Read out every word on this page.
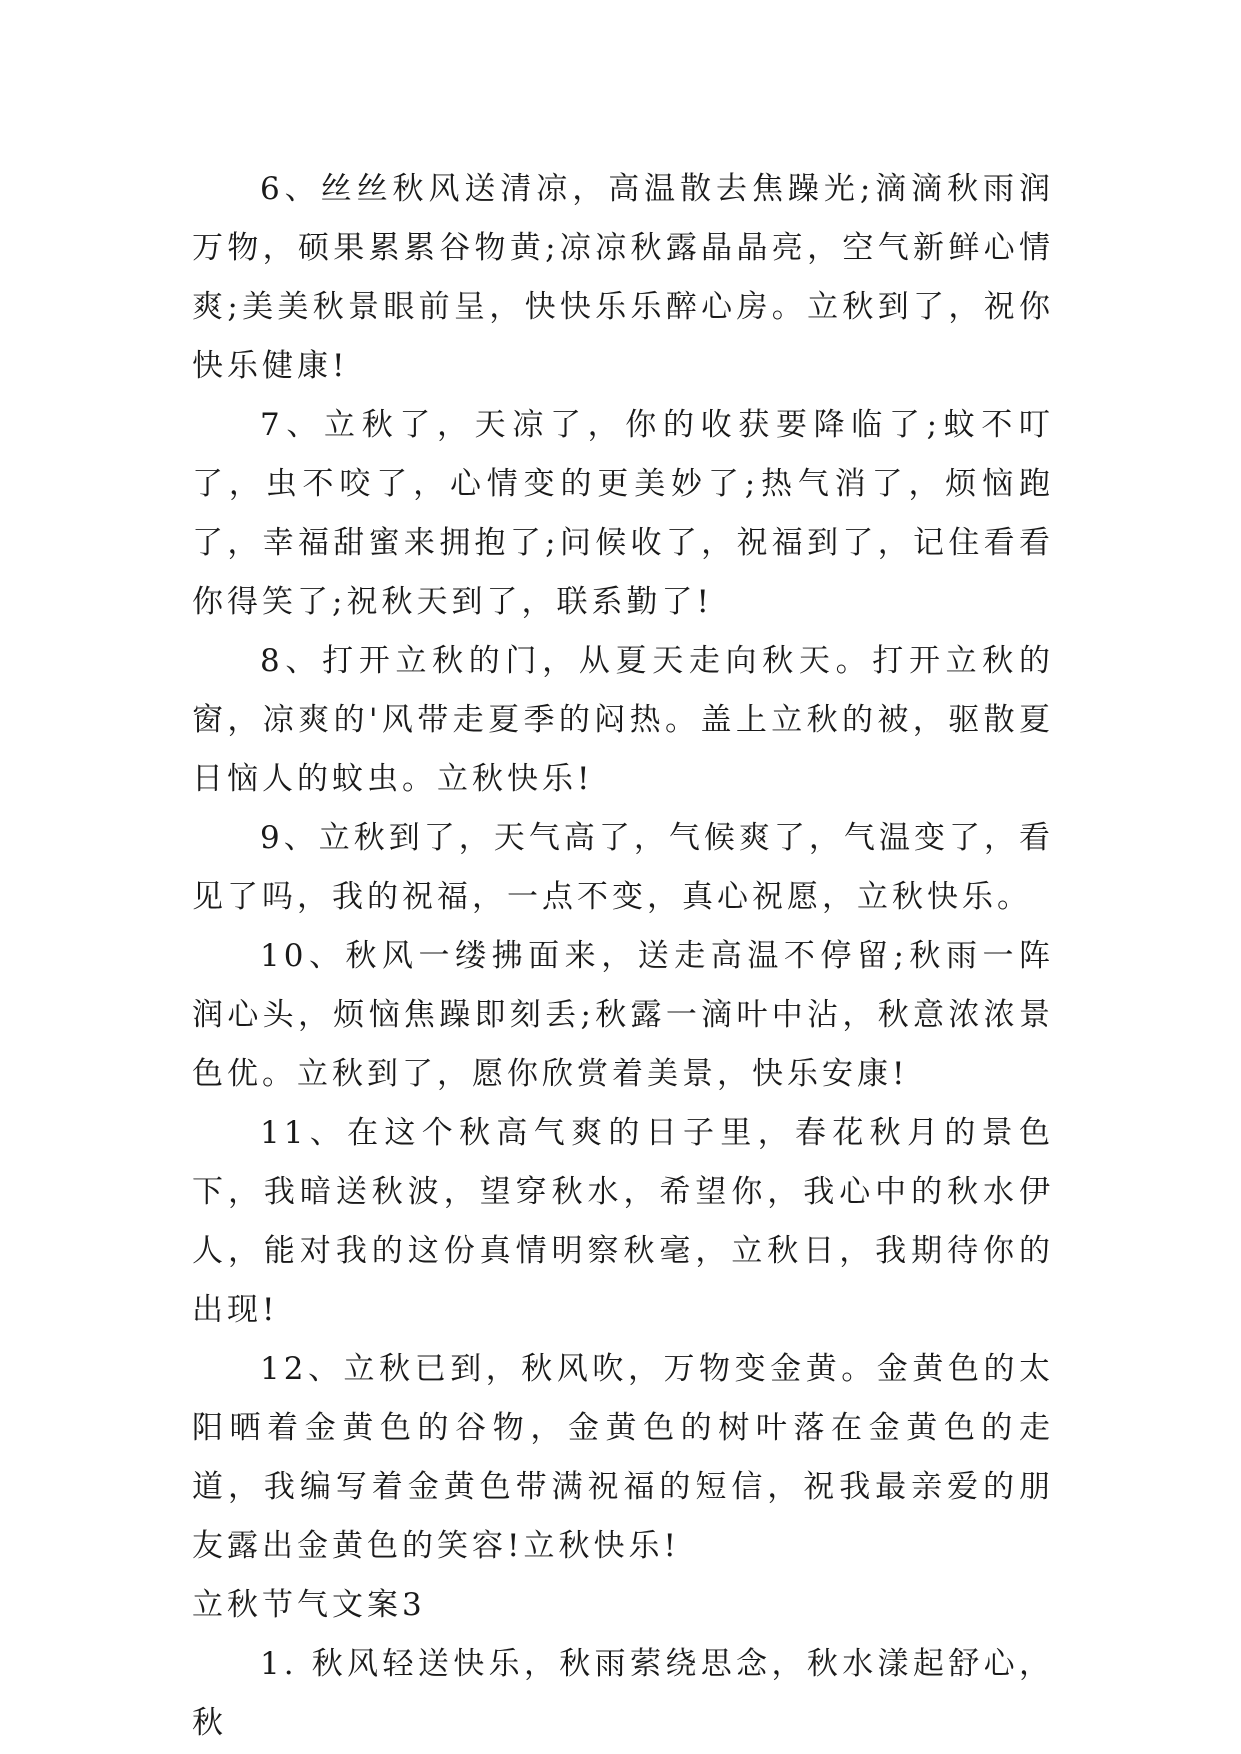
6、丝丝秋风送清凉，高温散去焦躁光;滴滴秋雨润万物，硕果累累谷物黄;凉凉秋露晶晶亮，空气新鲜心情爽;美美秋景眼前呈，快快乐乐醉心房。立秋到了，祝你快乐健康!

7、立秋了，天凉了，你的收获要降临了;蚊不叮了，虫不咬了，心情变的更美妙了;热气消了，烦恼跑了，幸福甜蜜来拥抱了;问候收了，祝福到了，记住看看你得笑了;祝秋天到了，联系勤了!

8、打开立秋的门，从夏天走向秋天。打开立秋的窗，凉爽的'风带走夏季的闷热。盖上立秋的被，驱散夏日恼人的蚊虫。立秋快乐!

9、立秋到了，天气高了，气候爽了，气温变了，看见了吗，我的祝福，一点不变，真心祝愿，立秋快乐。

10、秋风一缕拂面来，送走高温不停留;秋雨一阵润心头，烦恼焦躁即刻丢;秋露一滴叶中沾，秋意浓浓景色优。立秋到了，愿你欣赏着美景，快乐安康!

11、在这个秋高气爽的日子里，春花秋月的景色下，我暗送秋波，望穿秋水，希望你，我心中的秋水伊人，能对我的这份真情明察秋毫，立秋日，我期待你的出现!

12、立秋已到，秋风吹，万物变金黄。金黄色的太阳晒着金黄色的谷物，金黄色的树叶落在金黄色的走道，我编写着金黄色带满祝福的短信，祝我最亲爱的朋友露出金黄色的笑容!立秋快乐!

立秋节气文案3

1. 秋风轻送快乐，秋雨萦绕思念，秋水漾起舒心，秋
